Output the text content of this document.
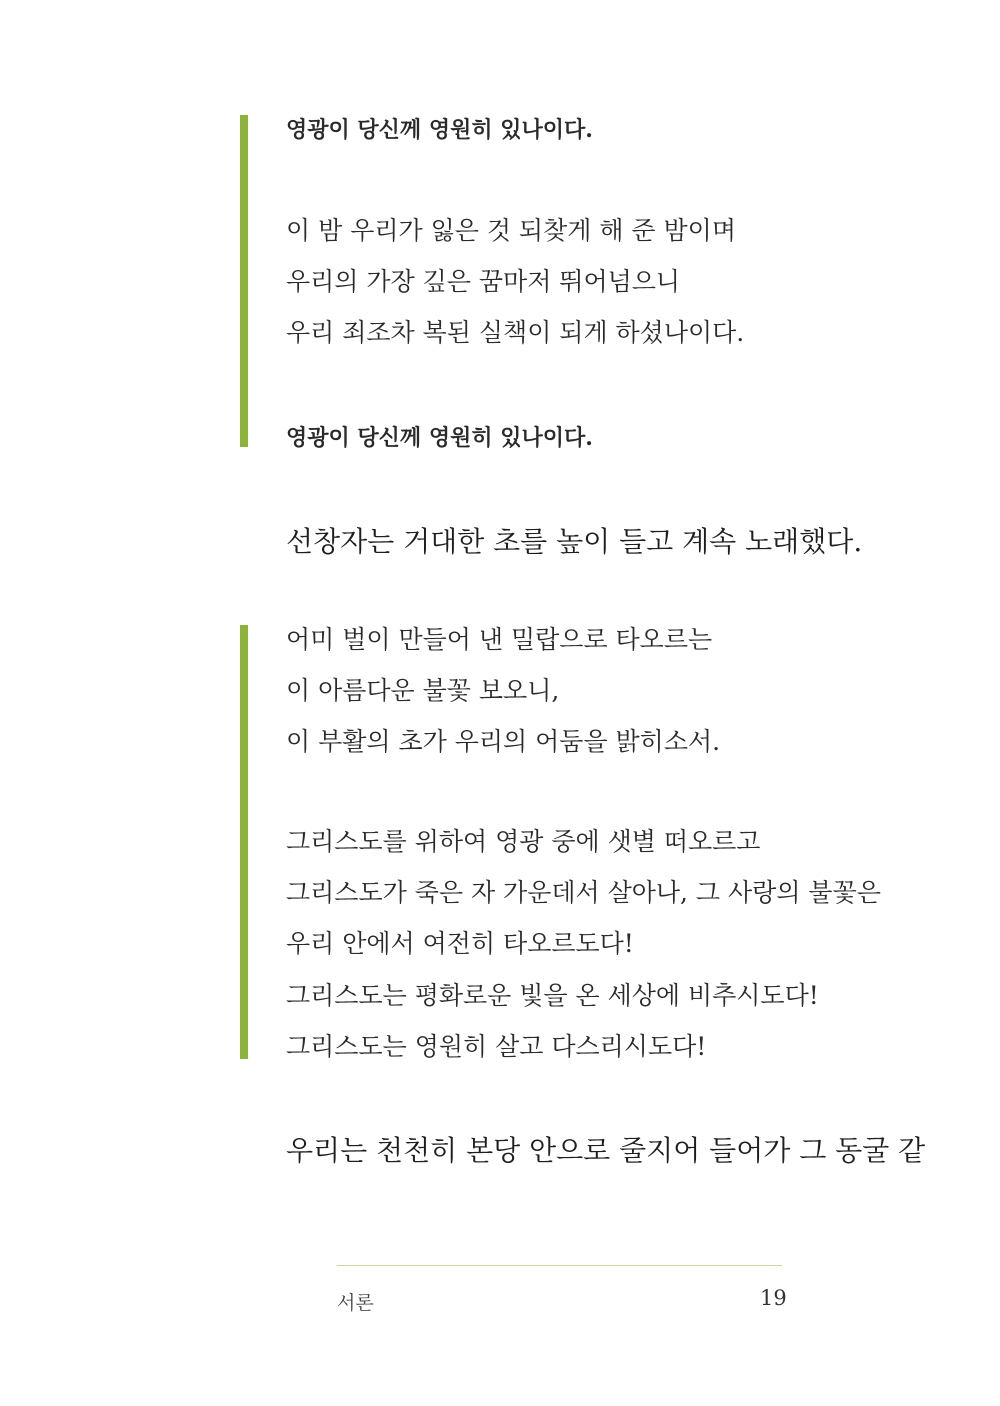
영광이 당신께 영원히 있나이다.
이 밤 우리가 잃은 것 되찾게 해 준 밤이며
우리의 가장 깊은 꿈마저 뛰어넘으니
우리 죄조차 복된 실책이 되게 하셨나이다.
영광이 당신께 영원히 있나이다.
선창자는 거대한 초를 높이 들고 계속 노래했다.
어미 벌이 만들어 낸 밀랍으로 타오르는
이 아름다운 불꽃 보오니,
이 부활의 초가 우리의 어둠을 밝히소서.
그리스도를 위하여 영광 중에 샛별 떠오르고
그리스도가 죽은 자 가운데서 살아나, 그 사랑의 불꽃은
우리 안에서 여전히 타오르도다!
그리스도는 평화로운 빛을 온 세상에 비추시도다!
그리스도는 영원히 살고 다스리시도다!
우리는 천천히 본당 안으로 줄지어 들어가 그 동굴 같
서론	19
